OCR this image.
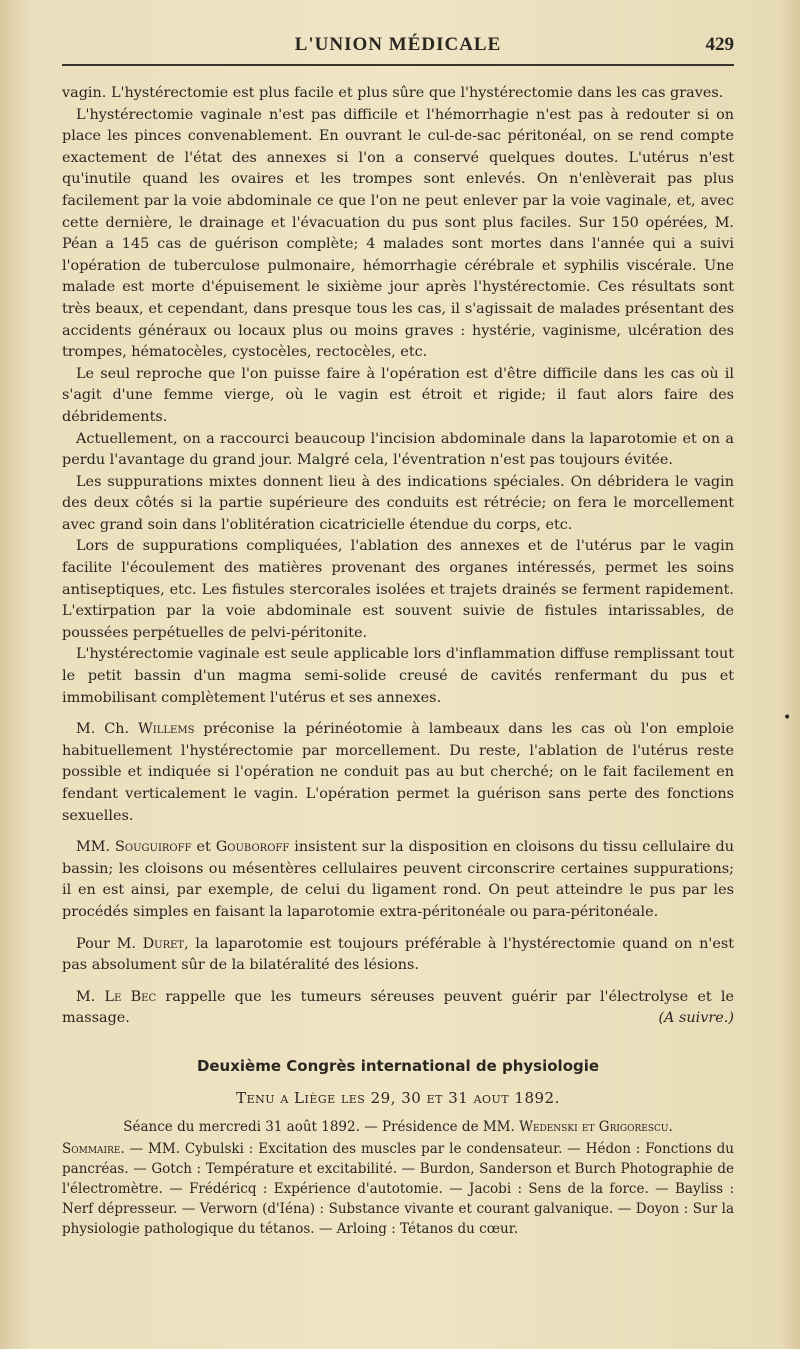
L'UNION MÉDICALE	429

vagin. L'hystérectomie est plus facile et plus sûre que l'hystérectomie dans les cas graves.

L'hystérectomie vaginale n'est pas difficile et l'hémorrhagie n'est pas à redouter si on place les pinces convenablement. En ouvrant le cul-de-sac péritonéal, on se rend compte exactement de l'état des annexes si l'on a conservé quelques doutes. L'utérus n'est qu'inutile quand les ovaires et les trompes sont enlevés. On n'enlèverait pas plus facilement par la voie abdominale ce que l'on ne peut enlever par la voie vaginale, et, avec cette dernière, le drainage et l'évacuation du pus sont plus faciles. Sur 150 opérées, M. Péan a 145 cas de guérison complète; 4 malades sont mortes dans l'année qui a suivi l'opération de tuberculose pulmonaire, hémorrhagie cérébrale et syphilis viscérale. Une malade est morte d'épuisement le sixième jour après l'hystérectomie. Ces résultats sont très beaux, et cependant, dans presque tous les cas, il s'agissait de malades présentant des accidents généraux ou locaux plus ou moins graves : hystérie, vaginisme, ulcération des trompes, hématocèles, cystocèles, rectocèles, etc.

Le seul reproche que l'on puisse faire à l'opération est d'être difficile dans les cas où il s'agit d'une femme vierge, où le vagin est étroit et rigide; il faut alors faire des débridements.

Actuellement, on a raccourci beaucoup l'incision abdominale dans la laparotomie et on a perdu l'avantage du grand jour. Malgré cela, l'éventration n'est pas toujours évitée.

Les suppurations mixtes donnent lieu à des indications spéciales. On débridera le vagin des deux côtés si la partie supérieure des conduits est rétrécie; on fera le morcellement avec grand soin dans l'oblitération cicatricielle étendue du corps, etc.

Lors de suppurations compliquées, l'ablation des annexes et de l'utérus par le vagin facilite l'écoulement des matières provenant des organes intéressés, permet les soins antiseptiques, etc. Les fistules stercorales isolées et trajets drainés se ferment rapidement. L'extirpation par la voie abdominale est souvent suivie de fistules intarissables, de poussées perpétuelles de pelvi-péritonite.

L'hystérectomie vaginale est seule applicable lors d'inflammation diffuse remplissant tout le petit bassin d'un magma semi-solide creusé de cavités renfermant du pus et immobilisant complètement l'utérus et ses annexes.

M. Ch. Willems préconise la périnéotomie à lambeaux dans les cas où l'on emploie habituellement l'hystérectomie par morcellement. Du reste, l'ablation de l'utérus reste possible et indiquée si l'opération ne conduit pas au but cherché; on le fait facilement en fendant verticalement le vagin. L'opération permet la guérison sans perte des fonctions sexuelles.

MM. Souguiroff et Gouboroff insistent sur la disposition en cloisons du tissu cellulaire du bassin; les cloisons ou mésentères cellulaires peuvent circonscrire certaines suppurations; il en est ainsi, par exemple, de celui du ligament rond. On peut atteindre le pus par les procédés simples en faisant la laparotomie extra-péritonéale ou para-péritonéale.

Pour M. Duret, la laparotomie est toujours préférable à l'hystérectomie quand on n'est pas absolument sûr de la bilatéralité des lésions.

M. Le Bec rappelle que les tumeurs séreuses peuvent guérir par l'électrolyse et le massage.	(A suivre.)
Deuxième Congrès international de physiologie
Tenu a Liège les 29, 30 et 31 aout 1892.
Séance du mercredi 31 août 1892. — Présidence de MM. Wedenski et Grigorescu.

Sommaire. — MM. Cybulski : Excitation des muscles par le condensateur. — Hédon : Fonctions du pancréas. — Gotch : Température et excitabilité. — Burdon, Sanderson et Burch Photographie de l'électromètre. — Frédéricq : Expérience d'autotomie. — Jacobi : Sens de la force. — Bayliss : Nerf dépresseur. — Verworn (d'Iéna) : Substance vivante et courant galvanique. — Doyon : Sur la physiologie pathologique du tétanos. — Arloing : Tétanos du cœur.

•
